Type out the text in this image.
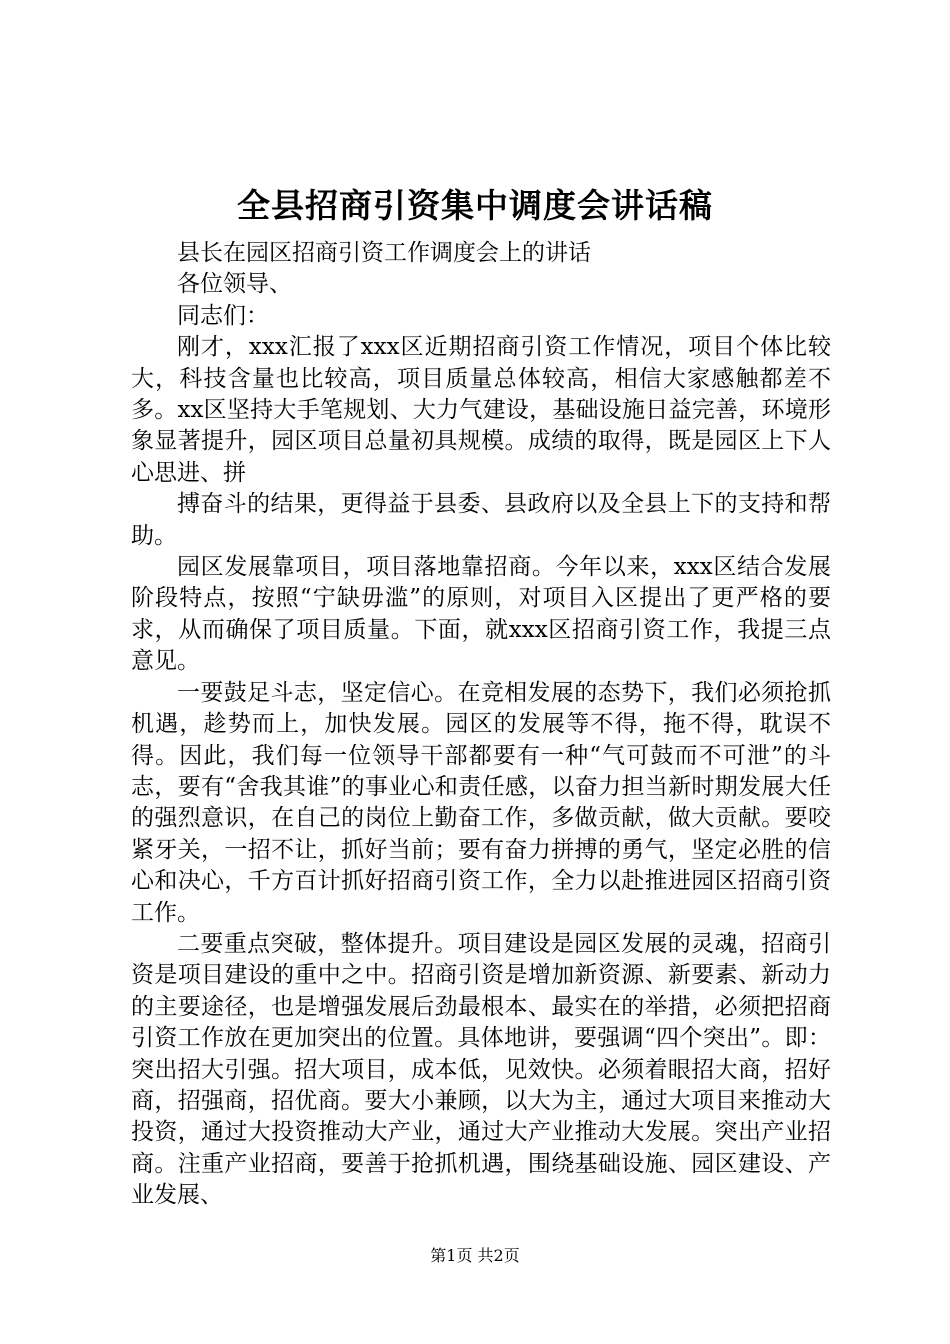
全县招商引资集中调度会讲话稿

县长在园区招商引资工作调度会上的讲话

各位领导、

同志们：

刚才，xxx汇报了xxx区近期招商引资工作情况，项目个体比较大，科技含量也比较高，项目质量总体较高，相信大家感触都差不多。xx区坚持大手笔规划、大力气建设，基础设施日益完善，环境形象显著提升，园区项目总量初具规模。成绩的取得，既是园区上下人心思进、拼

搏奋斗的结果，更得益于县委、县政府以及全县上下的支持和帮助。

园区发展靠项目，项目落地靠招商。今年以来，xxx区结合发展阶段特点，按照“宁缺毋滥”的原则，对项目入区提出了更严格的要求，从而确保了项目质量。下面，就xxx区招商引资工作，我提三点意见。

一要鼓足斗志，坚定信心。在竞相发展的态势下，我们必须抢抓机遇，趁势而上，加快发展。园区的发展等不得，拖不得，耽误不得。因此，我们每一位领导干部都要有一种“气可鼓而不可泄”的斗志，要有“舍我其谁”的事业心和责任感，以奋力担当新时期发展大任的强烈意识，在自己的岗位上勤奋工作，多做贡献，做大贡献。要咬紧牙关，一招不让，抓好当前；要有奋力拼搏的勇气，坚定必胜的信心和决心，千方百计抓好招商引资工作，全力以赴推进园区招商引资工作。

二要重点突破，整体提升。项目建设是园区发展的灵魂，招商引资是项目建设的重中之中。招商引资是增加新资源、新要素、新动力的主要途径，也是增强发展后劲最根本、最实在的举措，必须把招商引资工作放在更加突出的位置。具体地讲，要强调“四个突出”。即：突出招大引强。招大项目，成本低，见效快。必须着眼招大商，招好商，招强商，招优商。要大小兼顾，以大为主，通过大项目来推动大投资，通过大投资推动大产业，通过大产业推动大发展。突出产业招商。注重产业招商，要善于抢抓机遇，围绕基础设施、园区建设、产业发展、

第1页 共2页
